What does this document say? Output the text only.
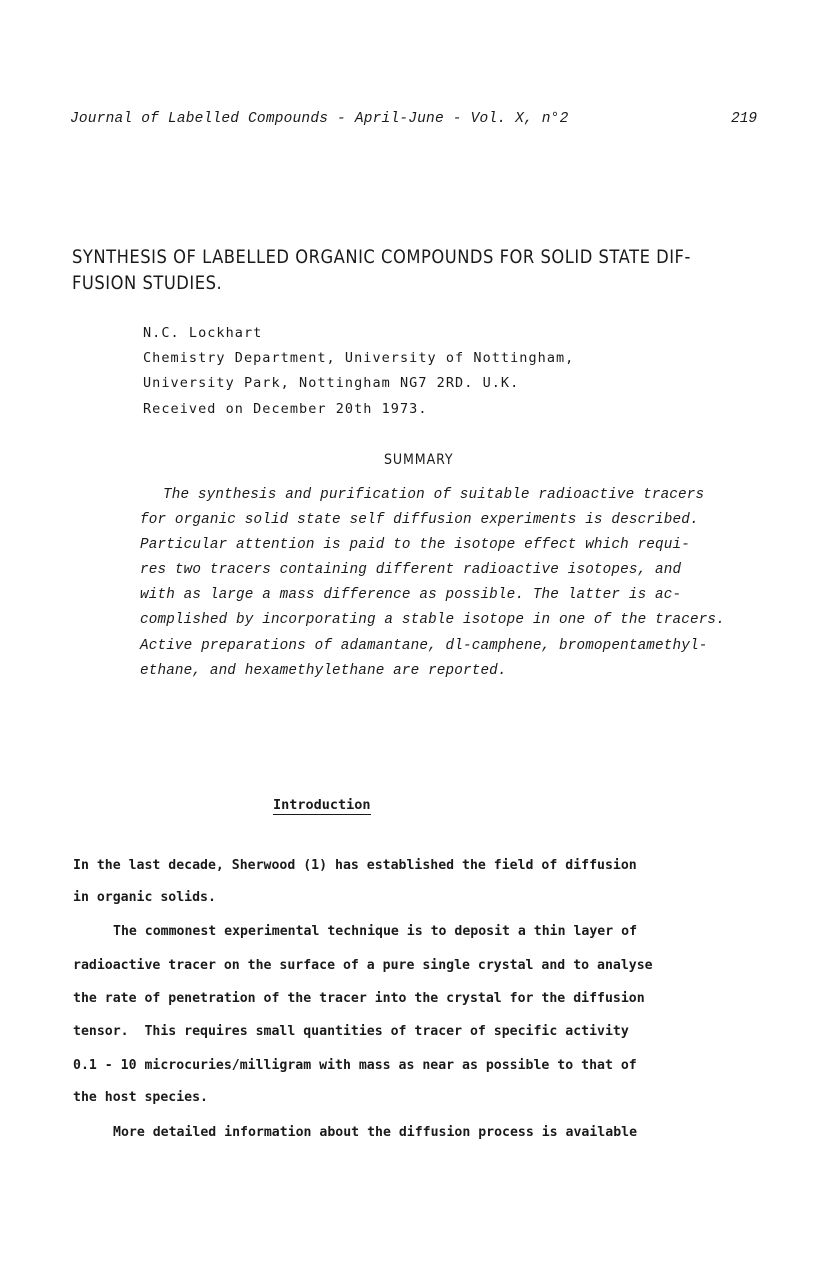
Journal of Labelled Compounds - April-June - Vol. X, n°2	219
SYNTHESIS OF LABELLED ORGANIC COMPOUNDS FOR SOLID STATE DIF-
FUSION STUDIES.
N.C. Lockhart
Chemistry Department, University of Nottingham,
University Park, Nottingham NG7 2RD. U.K.
Received on December 20th 1973.
SUMMARY
The synthesis and purification of suitable radioactive tracers
for organic solid state self diffusion experiments is described.
Particular attention is paid to the isotope effect which requi-
res two tracers containing different radioactive isotopes, and
with as large a mass difference as possible. The latter is ac-
complished by incorporating a stable isotope in one of the tracers.
Active preparations of adamantane, dl-camphene, bromopentamethyl-
ethane, and hexamethylethane are reported.
Introduction
In the last decade, Sherwood (1) has established the field of diffusion
in organic solids.
The commonest experimental technique is to deposit a thin layer of
radioactive tracer on the surface of a pure single crystal and to analyse
the rate of penetration of the tracer into the crystal for the diffusion
tensor.  This requires small quantities of tracer of specific activity
0.1 - 10 microcuries/milligram with mass as near as possible to that of
the host species.
More detailed information about the diffusion process is available
